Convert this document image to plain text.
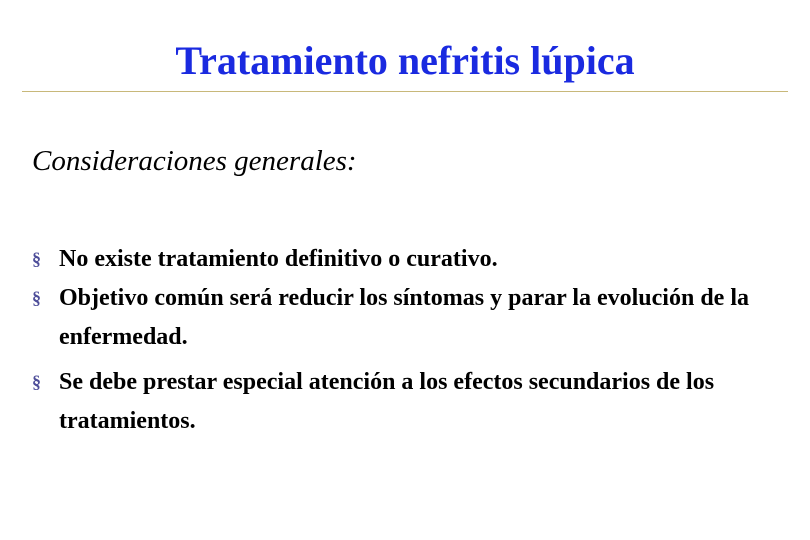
Tratamiento nefritis lúpica

Consideraciones generales:

§ No existe tratamiento definitivo o curativo.
§ Objetivo común será reducir los síntomas y parar la evolución de la enfermedad.
§ Se debe prestar especial atención a los efectos secundarios de los tratamientos.
